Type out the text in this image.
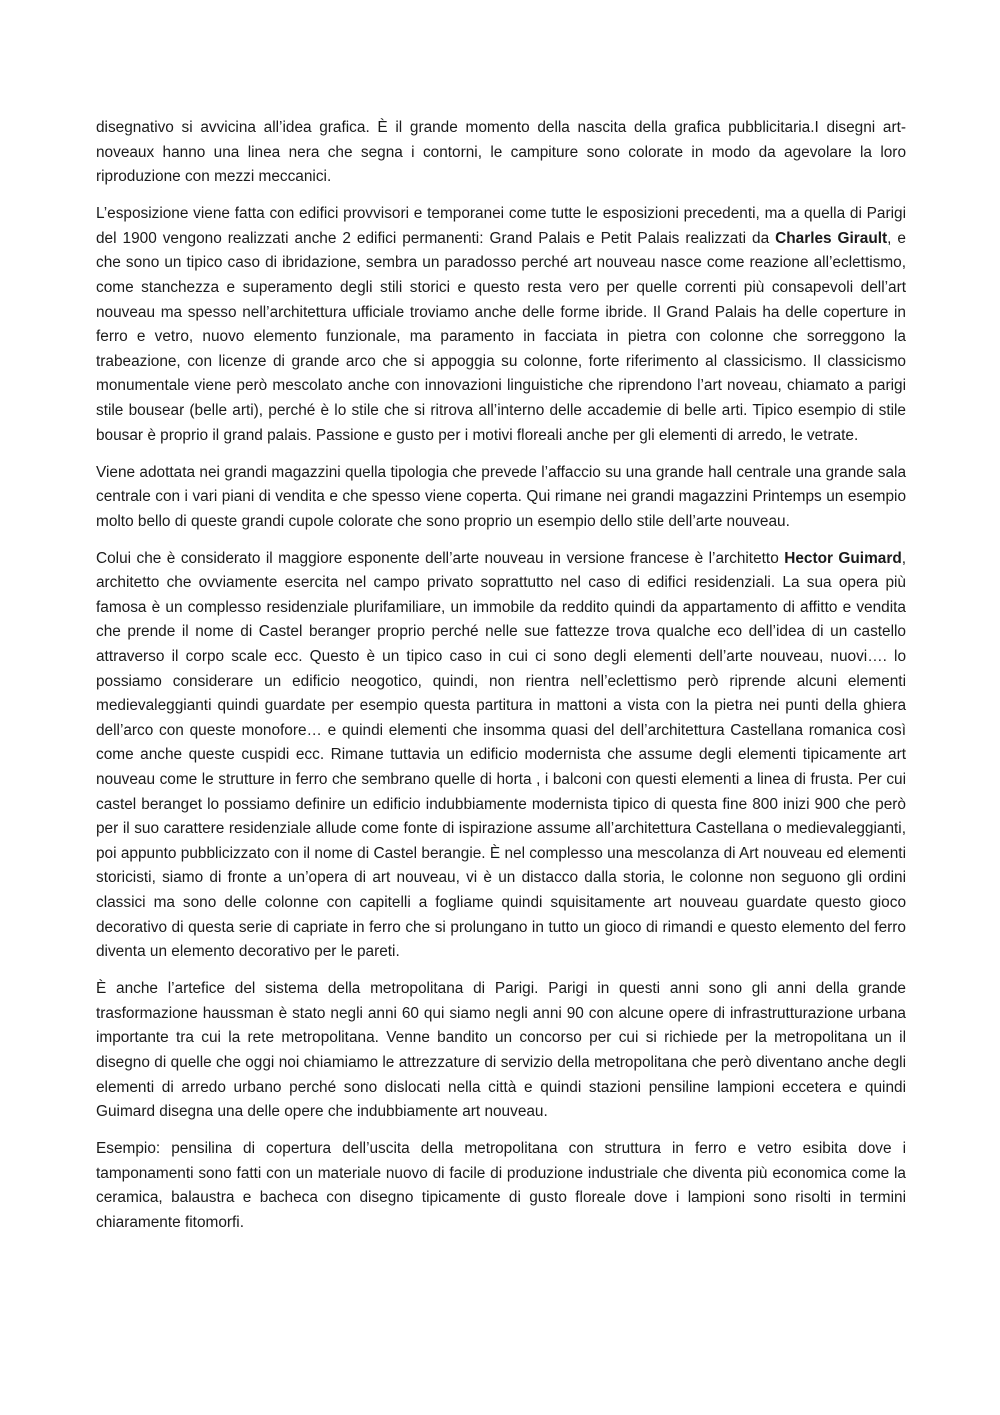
disegnativo si avvicina all’idea grafica. È il grande momento della nascita della grafica pubblicitaria.I disegni art-noveaux hanno una linea nera che segna i contorni, le campiture sono colorate in modo da agevolare la loro riproduzione con mezzi meccanici.

L’esposizione viene fatta con edifici provvisori e temporanei come tutte le esposizioni precedenti, ma a quella di Parigi del 1900 vengono realizzati anche 2 edifici permanenti: Grand Palais e Petit Palais realizzati da Charles Girault, e che sono un tipico caso di ibridazione, sembra un paradosso perché art nouveau nasce come reazione all’eclettismo, come stanchezza e superamento degli stili storici e questo resta vero per quelle correnti più consapevoli dell’art nouveau ma spesso nell’architettura ufficiale troviamo anche delle forme ibride. Il Grand Palais ha delle coperture in ferro e vetro, nuovo elemento funzionale, ma paramento in facciata in pietra con colonne che sorreggono la trabeazione, con licenze di grande arco che si appoggia su colonne, forte riferimento al classicismo. Il classicismo monumentale viene però mescolato anche con innovazioni linguistiche che riprendono l’art noveau, chiamato a parigi stile bousear (belle arti), perché è lo stile che si ritrova all’interno delle accademie di belle arti. Tipico esempio di stile bousar è proprio il grand palais. Passione e gusto per i motivi floreali anche per gli elementi di arredo, le vetrate.

Viene adottata nei grandi magazzini quella tipologia che prevede l’affaccio su una grande hall centrale una grande sala centrale con i vari piani di vendita e che spesso viene coperta. Qui rimane nei grandi magazzini Printemps un esempio molto bello di queste grandi cupole colorate che sono proprio un esempio dello stile dell’arte nouveau.

Colui che è considerato il maggiore esponente dell’arte nouveau in versione francese è l’architetto Hector Guimard, architetto che ovviamente esercita nel campo privato soprattutto nel caso di edifici residenziali. La sua opera più famosa è un complesso residenziale plurifamiliare, un immobile da reddito quindi da appartamento di affitto e vendita che prende il nome di Castel beranger proprio perché nelle sue fattezze trova qualche eco dell’idea di un castello attraverso il corpo scale ecc. Questo è un tipico caso in cui ci sono degli elementi dell’arte nouveau, nuovi…. lo possiamo considerare un edificio neogotico, quindi, non rientra nell’eclettismo però riprende alcuni elementi medievaleggianti quindi guardate per esempio questa partitura in mattoni a vista con la pietra nei punti della ghiera dell’arco con queste monofore… e quindi elementi che insomma quasi del dell’architettura Castellana romanica così come anche queste cuspidi ecc. Rimane tuttavia un edificio modernista che assume degli elementi tipicamente art nouveau come le strutture in ferro che sembrano quelle di horta , i balconi con questi elementi a linea di frusta. Per cui castel beranget lo possiamo definire un edificio indubbiamente modernista tipico di questa fine 800 inizi 900 che però per il suo carattere residenziale allude come fonte di ispirazione assume all’architettura Castellana o medievaleggianti, poi appunto pubblicizzato con il nome di Castel berangie. È nel complesso una mescolanza di Art nouveau ed elementi storicisti, siamo di fronte a un’opera di art nouveau, vi è un distacco dalla storia, le colonne non seguono gli ordini classici ma sono delle colonne con capitelli a fogliame quindi squisitamente art nouveau guardate questo gioco decorativo di questa serie di capriate in ferro che si prolungano in tutto un gioco di rimandi e questo elemento del ferro diventa un elemento decorativo per le pareti.

È anche l’artefice del sistema della metropolitana di Parigi. Parigi in questi anni sono gli anni della grande trasformazione haussman è stato negli anni 60 qui siamo negli anni 90 con alcune opere di infrastrutturazione urbana importante tra cui la rete metropolitana. Venne bandito un concorso per cui si richiede per la metropolitana un il disegno di quelle che oggi noi chiamiamo le attrezzature di servizio della metropolitana che però diventano anche degli elementi di arredo urbano perché sono dislocati nella città e quindi stazioni pensiline lampioni eccetera e quindi Guimard disegna una delle opere che indubbiamente art nouveau.

Esempio: pensilina di copertura dell’uscita della metropolitana con struttura in ferro e vetro esibita dove i tamponamenti sono fatti con un materiale nuovo di facile di produzione industriale che diventa più economica come la ceramica, balaustra e bacheca con disegno tipicamente di gusto floreale dove i lampioni sono risolti in termini chiaramente fitomorfi.
